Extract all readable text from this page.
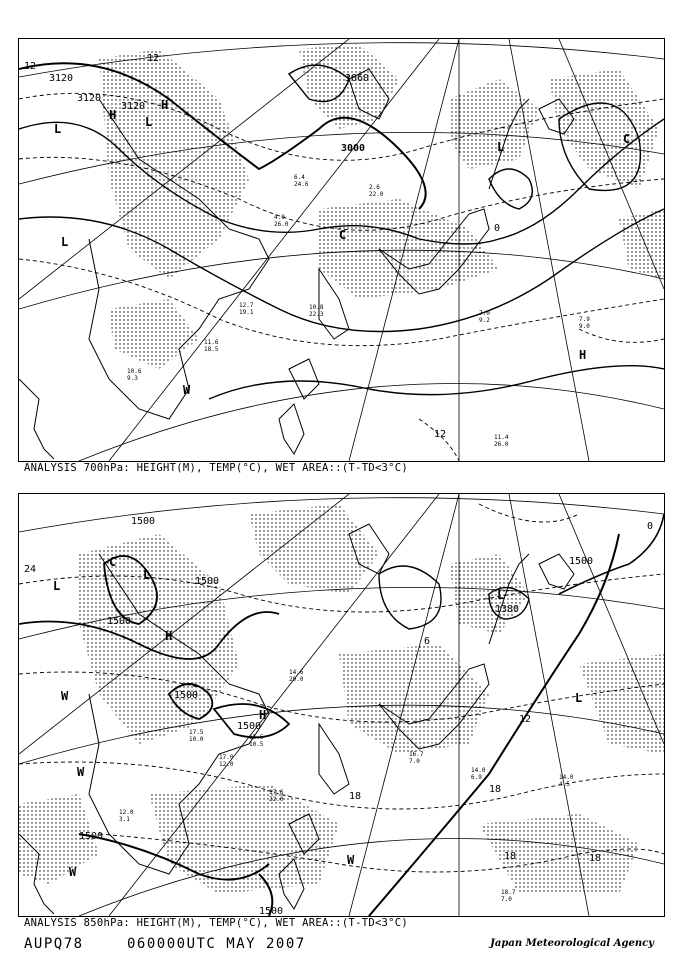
3120
3120
3120
3000
3060
12
12
12
0
L
L
L
L
H
H
W
H
C
C
11.4
26.0
7.9
9.0
7.0
9.2
10.6
9.3
11.6
18.5
4.0
26.0
12.7
19.1
6.4
24.6	2.6
22.0
10.8
22.3
ANALYSIS 700hPa: HEIGHT(M), TEMP(°C), WET AREA::(T-TD<3°C)
1500
1500
1500
1500
1500
1500
1500
1500
1380
24
18
18
18	18
12
6
0
L
L
L
L
H
H
W
W
W
W
C
14.0
6.9	14.0
4.5
17.5
10.0
17.0
12.0
15.5
10.5
14.6
20.0
16.7
7.0
18.7
7.0
17.6
22.0
12.0
3.1
ANALYSIS 850hPa: HEIGHT(M), TEMP(°C), WET AREA::(T-TD<3°C)
AUPQ78	060000UTC MAY 2007	Japan Meteorological Agency
